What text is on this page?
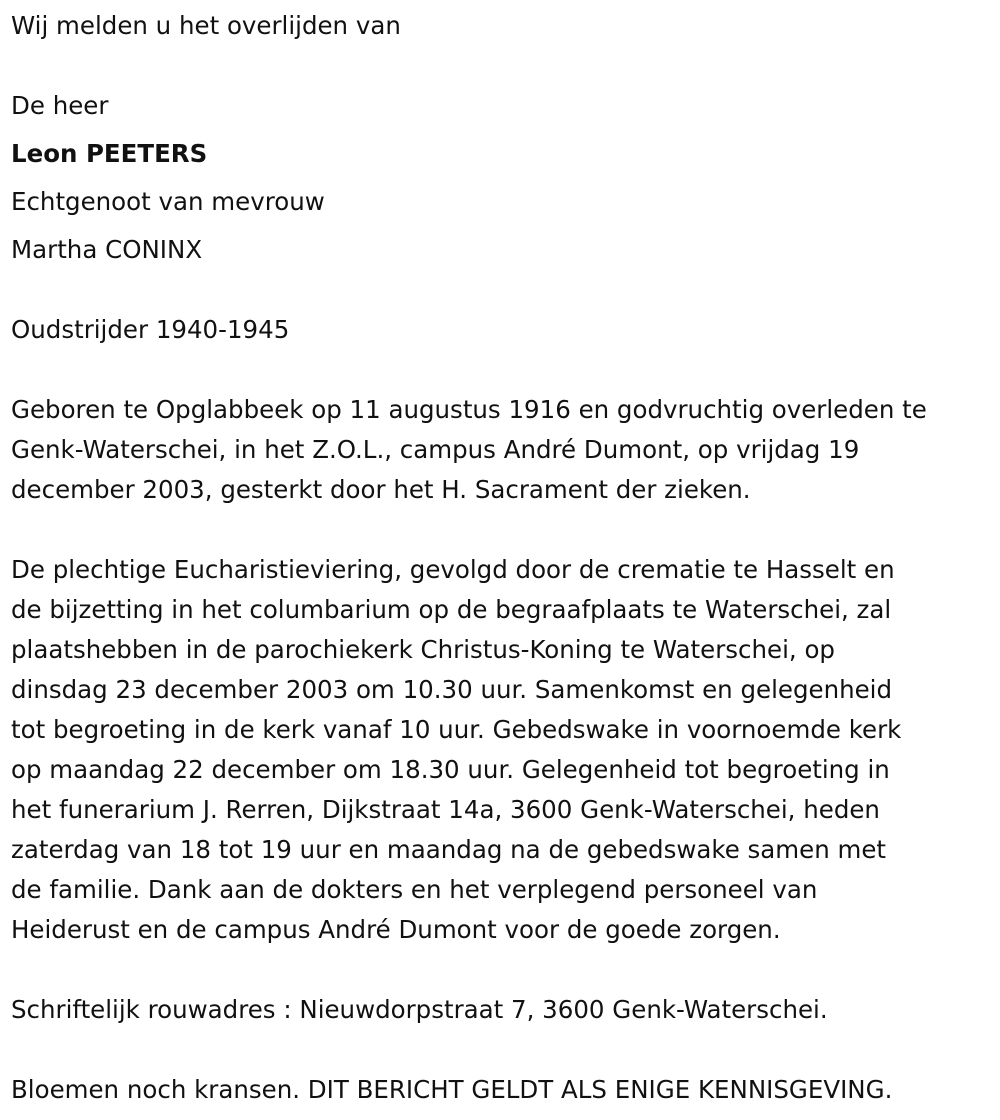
Wij melden u het overlijden van
De heer
Leon PEETERS
Echtgenoot van mevrouw
Martha CONINX
Oudstrijder 1940-1945
Geboren te Opglabbeek op 11 augustus 1916 en godvruchtig overleden te
Genk-Waterschei, in het Z.O.L., campus André Dumont, op vrijdag 19
december 2003, gesterkt door het H. Sacrament der zieken.
De plechtige Eucharistieviering, gevolgd door de crematie te Hasselt en
de bijzetting in het columbarium op de begraafplaats te Waterschei, zal
plaatshebben in de parochiekerk Christus-Koning te Waterschei, op
dinsdag 23 december 2003 om 10.30 uur. Samenkomst en gelegenheid
tot begroeting in de kerk vanaf 10 uur. Gebedswake in voornoemde kerk
op maandag 22 december om 18.30 uur. Gelegenheid tot begroeting in
het funerarium J. Rerren, Dijkstraat 14a, 3600 Genk-Waterschei, heden
zaterdag van 18 tot 19 uur en maandag na de gebedswake samen met
de familie. Dank aan de dokters en het verplegend personeel van
Heiderust en de campus André Dumont voor de goede zorgen.
Schriftelijk rouwadres : Nieuwdorpstraat 7, 3600 Genk-Waterschei.
Bloemen noch kransen. DIT BERICHT GELDT ALS ENIGE KENNISGEVING.
